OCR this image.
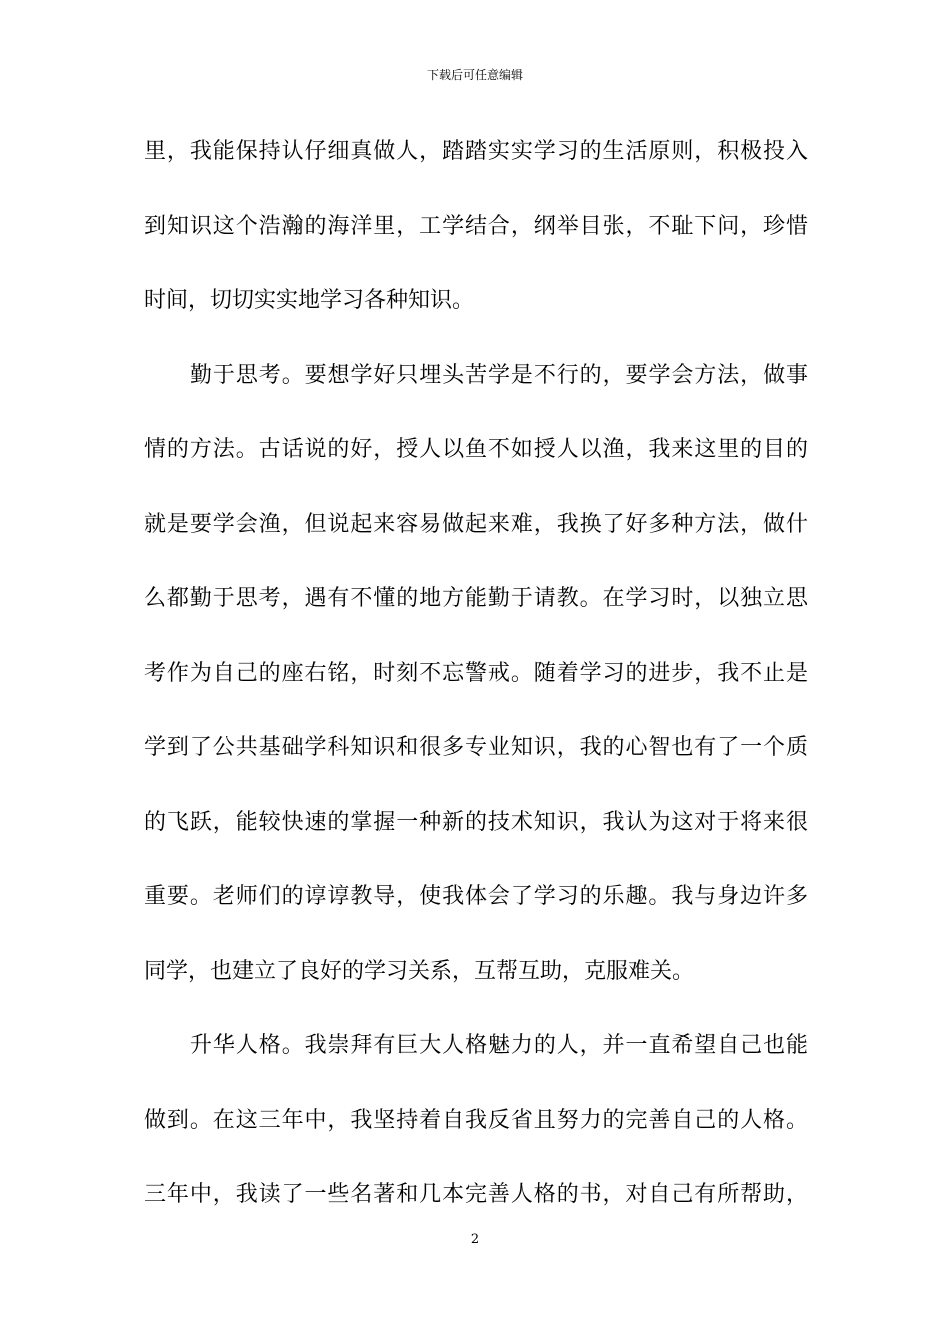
下载后可任意编辑
里，我能保持认仔细真做人，踏踏实实学习的生活原则，积极投入
到知识这个浩瀚的海洋里，工学结合，纲举目张，不耻下问，珍惜
时间，切切实实地学习各种知识。
勤于思考。要想学好只埋头苦学是不行的，要学会方法，做事
情的方法。古话说的好，授人以鱼不如授人以渔，我来这里的目的
就是要学会渔，但说起来容易做起来难，我换了好多种方法，做什
么都勤于思考，遇有不懂的地方能勤于请教。在学习时，以独立思
考作为自己的座右铭，时刻不忘警戒。随着学习的进步，我不止是
学到了公共基础学科知识和很多专业知识，我的心智也有了一个质
的飞跃，能较快速的掌握一种新的技术知识，我认为这对于将来很
重要。老师们的谆谆教导，使我体会了学习的乐趣。我与身边许多
同学，也建立了良好的学习关系，互帮互助，克服难关。
升华人格。我崇拜有巨大人格魅力的人，并一直希望自己也能
做到。在这三年中，我坚持着自我反省且努力的完善自己的人格。
三年中，我读了一些名著和几本完善人格的书，对自己有所帮助，
2
